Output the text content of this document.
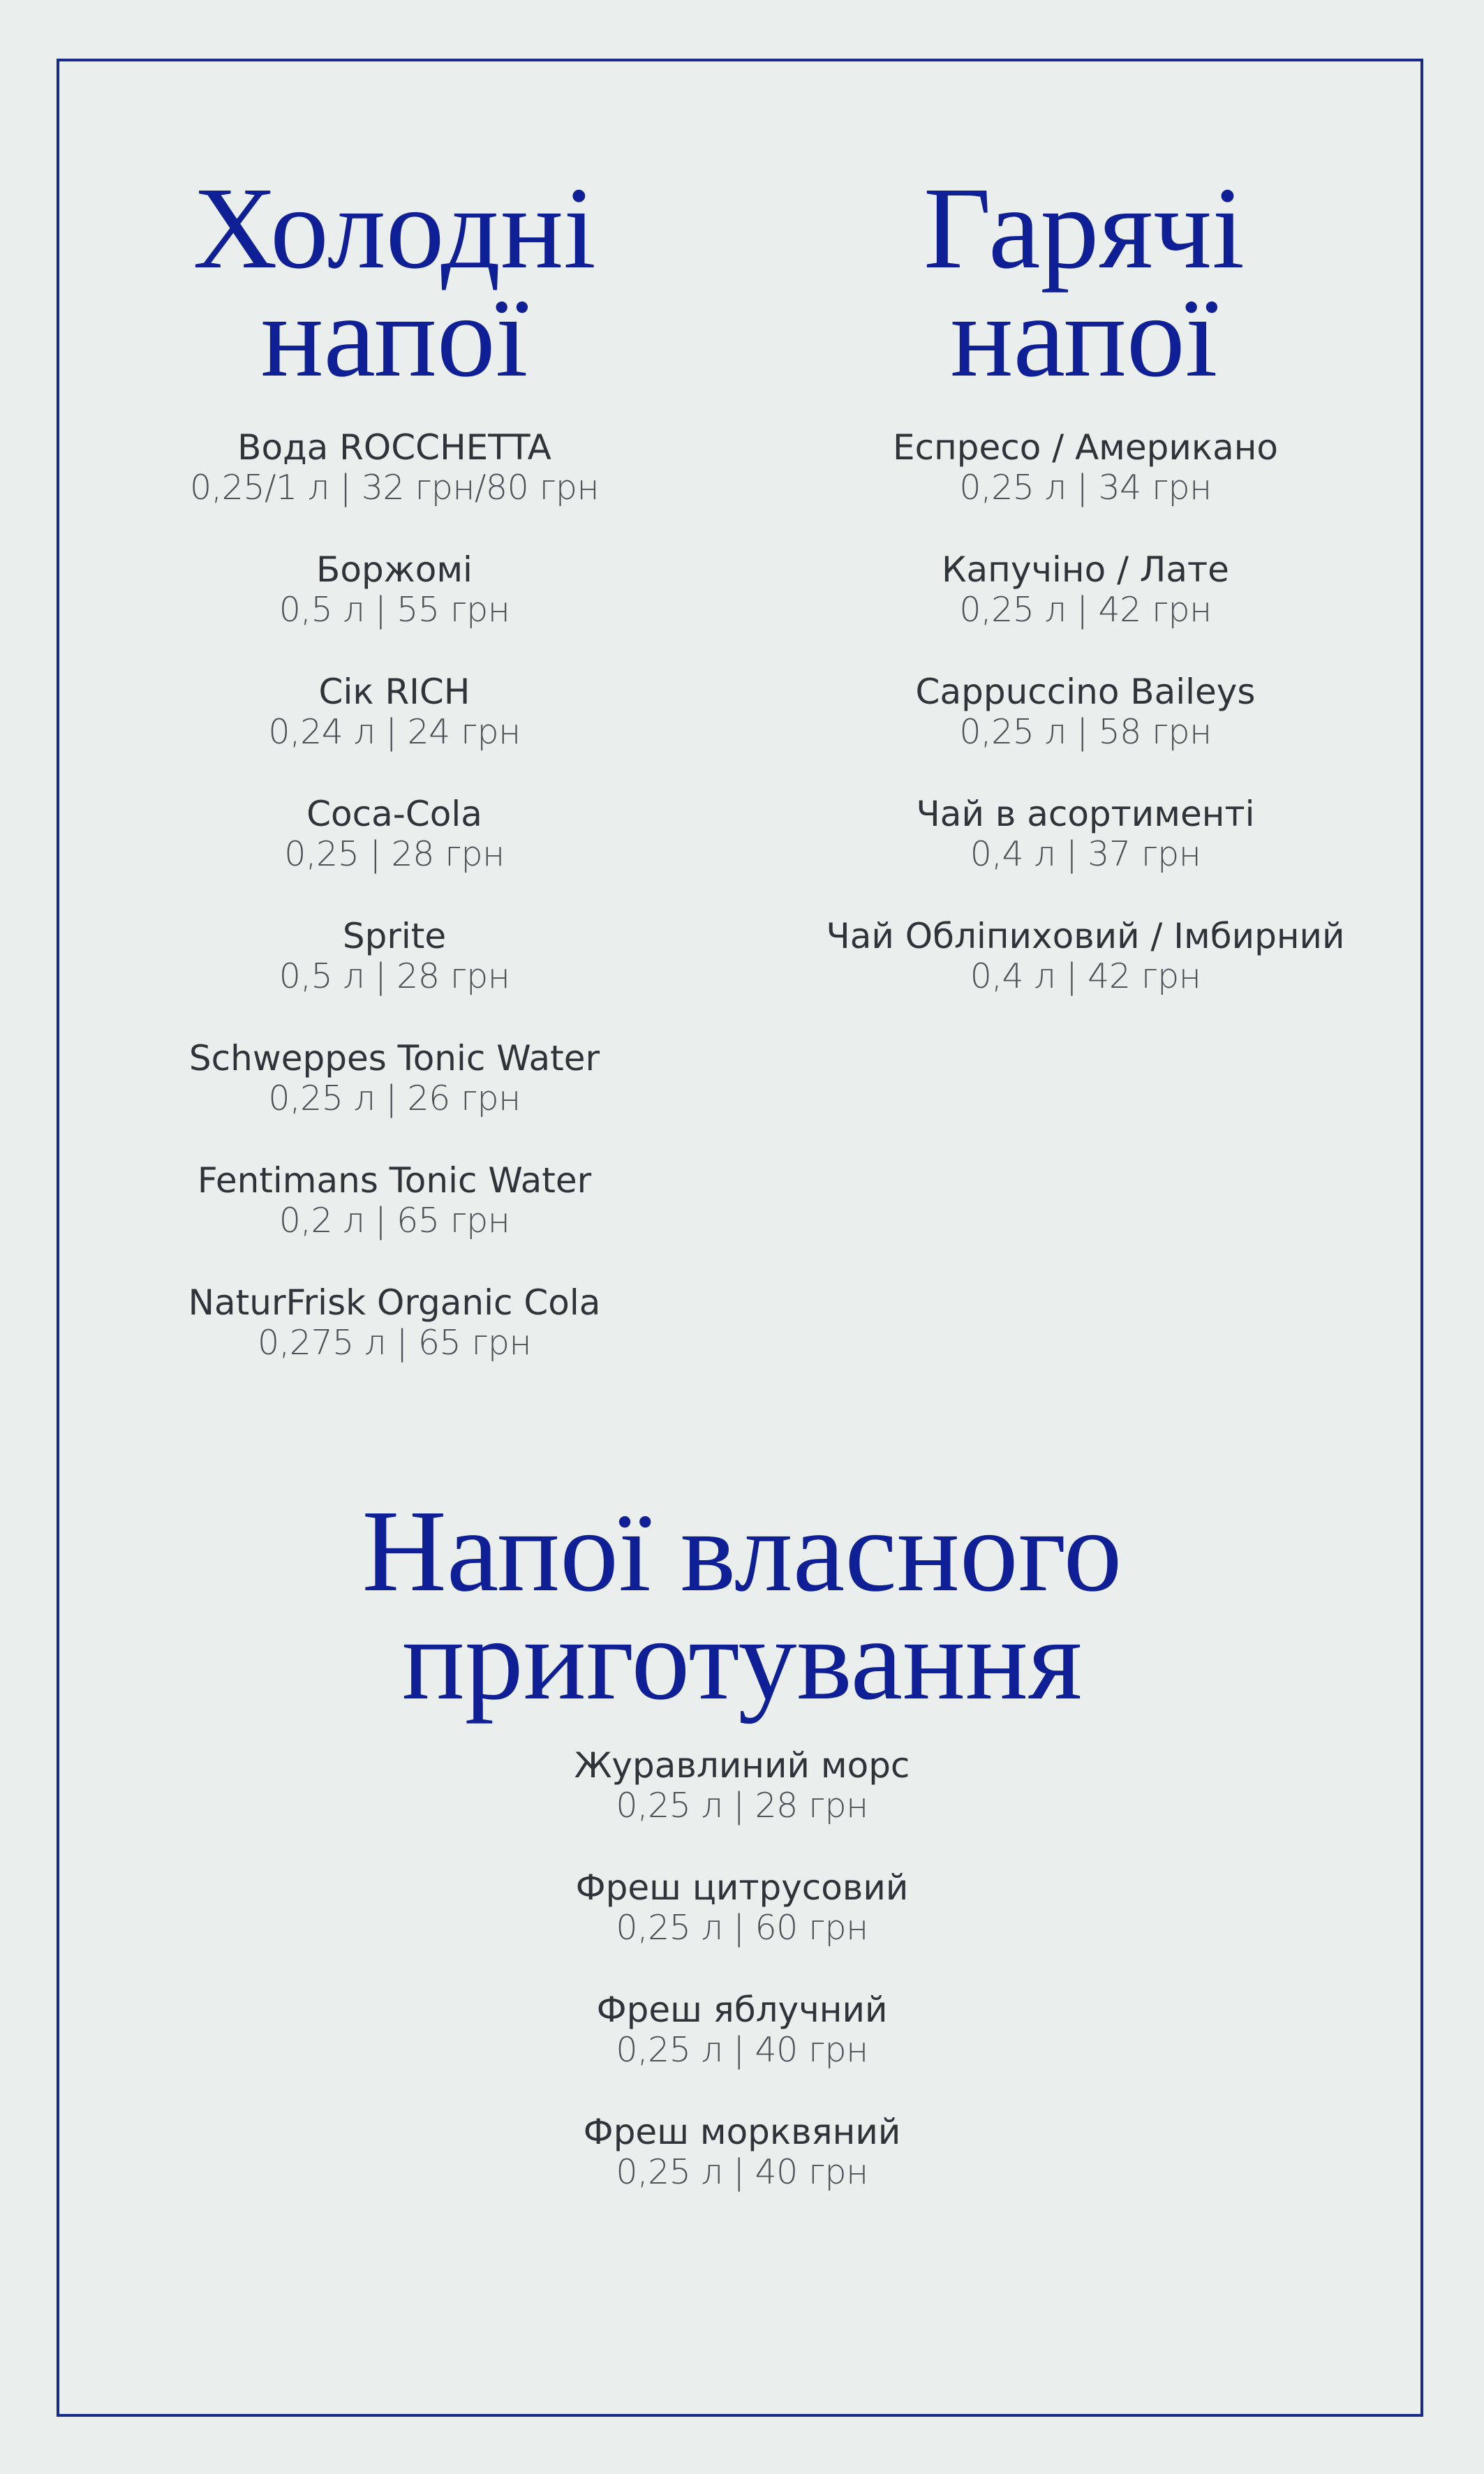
Холодні
напої
Вода ROCCHETTA
0,25/1 л | 32 грн/80 грн
Боржомі
0,5 л | 55 грн
Сік RICH
0,24 л | 24 грн
Coca-Cola
0,25 | 28 грн
Sprite
0,5 л | 28 грн
Schweppes Tonic Water
0,25 л | 26 грн
Fentimans Tonic Water
0,2 л | 65 грн
NaturFrisk Organic Cola
0,275 л | 65 грн
Гарячі
напої
Еспресо / Американо
0,25 л | 34 грн
Капучіно / Лате
0,25 л | 42 грн
Cappuccino Baileys
0,25 л | 58 грн
Чай в асортименті
0,4 л | 37 грн
Чай Обліпиховий / Імбирний
0,4 л | 42 грн
Напої власного
приготування
Журавлиний морс
0,25 л | 28 грн
Фреш цитрусовий
0,25 л | 60 грн
Фреш яблучний
0,25 л | 40 грн
Фреш морквяний
0,25 л | 40 грн
